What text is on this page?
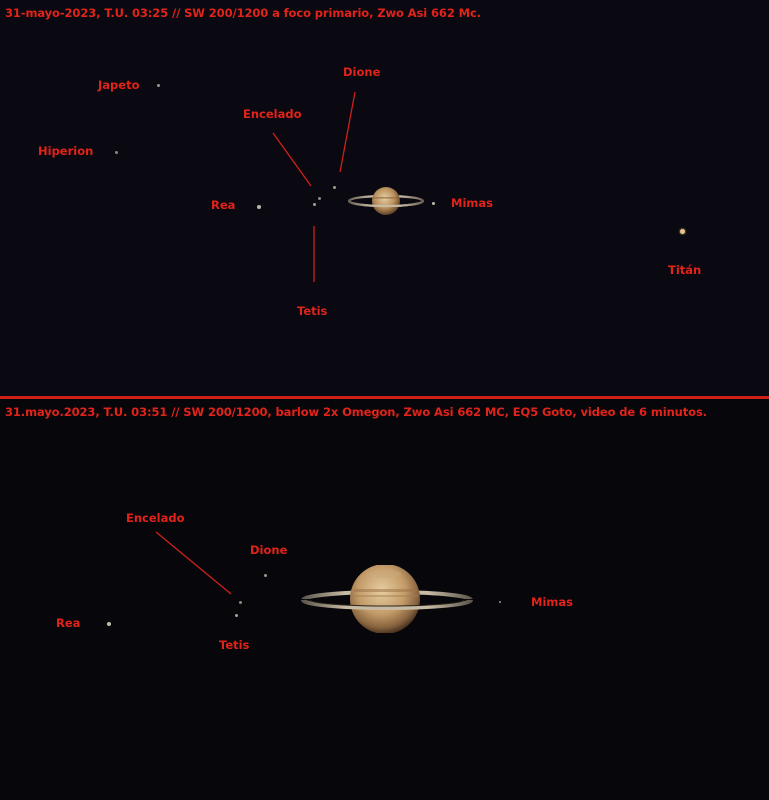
31-mayo-2023, T.U. 03:25 // SW 200/1200 a foco primario, Zwo Asi 662 Mc.
Japeto
Dione
Encelado
Hiperion
Rea	Mimas
Titán
Tetis
31.mayo.2023, T.U. 03:51 // SW 200/1200, barlow 2x Omegon, Zwo Asi 662 MC, EQ5 Goto, video de 6 minutos.
Encelado
Dione
Mimas
Rea
Tetis
